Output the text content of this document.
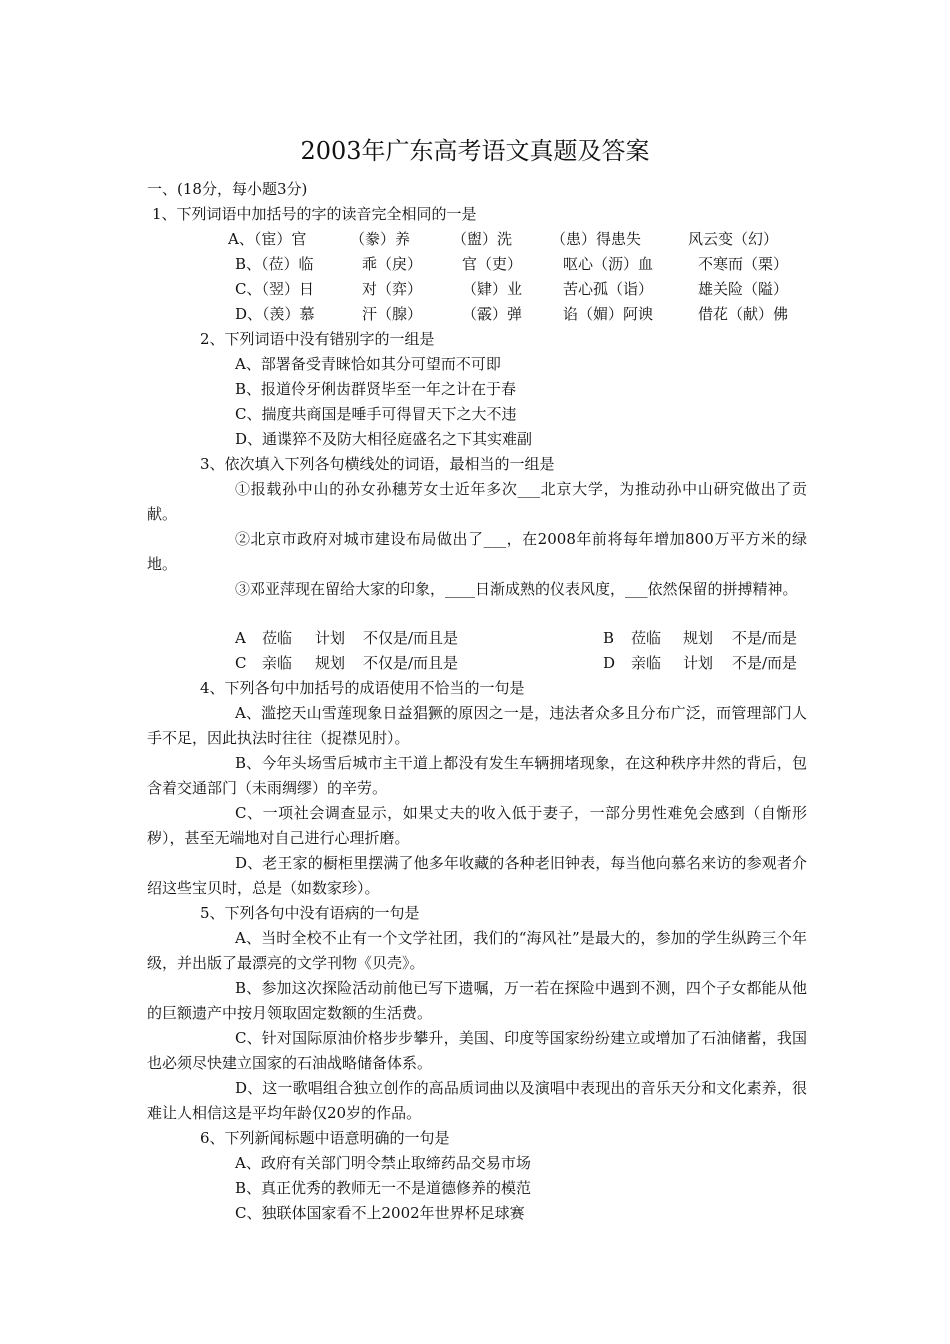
2003年广东高考语文真题及答案
一、(18分，每小题3分)
1、下列词语中加括号的字的读音完全相同的一是
A、（宦）官	（豢）养	（盥）洗	（患）得患失	风云变（幻）
B、（莅）临	乖（戾）	官（吏）	呕心（沥）血	不寒而（栗）
C、（翌）日	对（弈）	（肄）业	苦心孤（诣）	雄关险（隘）
D、（羡）慕	汗（腺）	（霰）弹	谄（媚）阿谀	借花（献）佛
2、下列词语中没有错别字的一组是
A、部署备受青睐恰如其分可望而不可即
B、报道伶牙俐齿群贤毕至一年之计在于春
C、揣度共商国是唾手可得冒天下之大不违
D、通谍猝不及防大相径庭盛名之下其实难副
3、依次填入下列各句横线处的词语，最相当的一组是
①报载孙中山的孙女孙穗芳女士近年多次___北京大学，为推动孙中山研究做出了贡献。
②北京市政府对城市建设布局做出了___，在2008年前将每年增加800万平方米的绿地。
③邓亚萍现在留给大家的印象，____日渐成熟的仪表风度，___依然保留的拼搏精神。
A 莅临 计划 不仅是/而且是	B 莅临 规划 不是/而是
C 亲临 规划 不仅是/而且是	D 亲临 计划 不是/而是
4、下列各句中加括号的成语使用不恰当的一句是
A、滥挖天山雪莲现象日益猖獗的原因之一是，违法者众多且分布广泛，而管理部门人手不足，因此执法时往往（捉襟见肘）。
B、今年头场雪后城市主干道上都没有发生车辆拥堵现象，在这种秩序井然的背后，包含着交通部门（未雨绸缪）的辛劳。
C、一项社会调查显示，如果丈夫的收入低于妻子，一部分男性难免会感到（自惭形秽），甚至无端地对自己进行心理折磨。
D、老王家的橱柜里摆满了他多年收藏的各种老旧钟表，每当他向慕名来访的参观者介绍这些宝贝时，总是（如数家珍）。
5、下列各句中没有语病的一句是
A、当时全校不止有一个文学社团，我们的“海风社”是最大的，参加的学生纵跨三个年级，并出版了最漂亮的文学刊物《贝壳》。
B、参加这次探险活动前他已写下遗嘱，万一若在探险中遇到不测，四个子女都能从他的巨额遗产中按月领取固定数额的生活费。
C、针对国际原油价格步步攀升，美国、印度等国家纷纷建立或增加了石油储蓄，我国也必须尽快建立国家的石油战略储备体系。
D、这一歌唱组合独立创作的高品质词曲以及演唱中表现出的音乐天分和文化素养，很难让人相信这是平均年龄仅20岁的作品。
6、下列新闻标题中语意明确的一句是
A、政府有关部门明令禁止取缔药品交易市场
B、真正优秀的教师无一不是道德修养的模范
C、独联体国家看不上2002年世界杯足球赛
